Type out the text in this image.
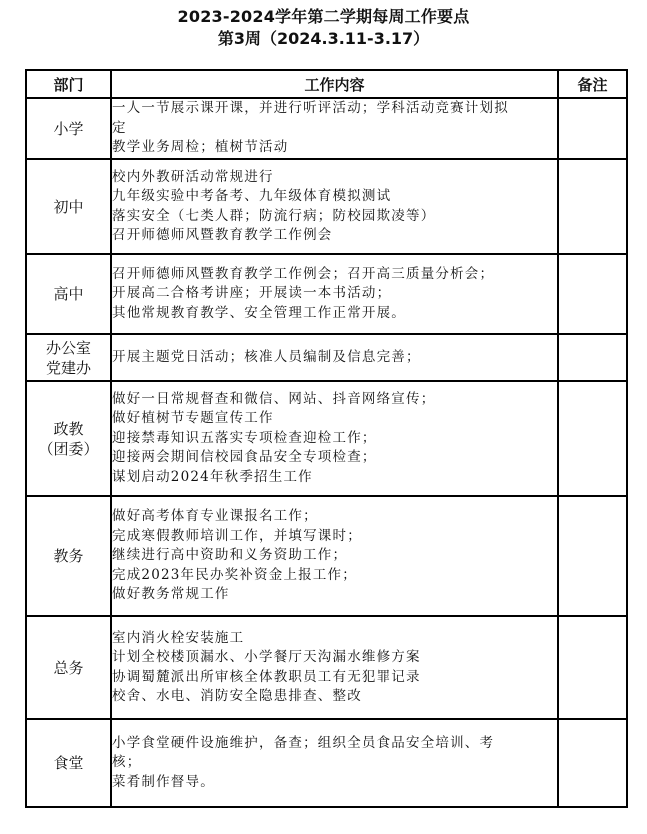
2023-2024学年第二学期每周工作要点
第3周（2024.3.11-3.17）
部门	工作内容	备注

小学	一人一节展示课开课，并进行听评活动；学科活动竞赛计划拟
定
教学业务周检；植树节活动	

初中	校内外教研活动常规进行
九年级实验中考备考、九年级体育模拟测试
落实安全（七类人群；防流行病；防校园欺凌等）
召开师德师风暨教育教学工作例会	

高中	召开师德师风暨教育教学工作例会；召开高三质量分析会；
开展高二合格考讲座；开展读一本书活动；
其他常规教育教学、安全管理工作正常开展。	

办公室
党建办	开展主题党日活动；核准人员编制及信息完善；	

政教
（团委）	做好一日常规督查和微信、网站、抖音网络宣传；
做好植树节专题宣传工作
迎接禁毒知识五落实专项检查迎检工作；
迎接两会期间信校园食品安全专项检查；
谋划启动2024年秋季招生工作	

教务	做好高考体育专业课报名工作；
完成寒假教师培训工作，并填写课时；
继续进行高中资助和义务资助工作；
完成2023年民办奖补资金上报工作；
做好教务常规工作	

总务	室内消火栓安装施工
计划全校楼顶漏水、小学餐厅天沟漏水维修方案
协调蜀麓派出所审核全体教职员工有无犯罪记录
校舍、水电、消防安全隐患排查、整改	

食堂	小学食堂硬件设施维护，备查；组织全员食品安全培训、考
核；
菜肴制作督导。	
